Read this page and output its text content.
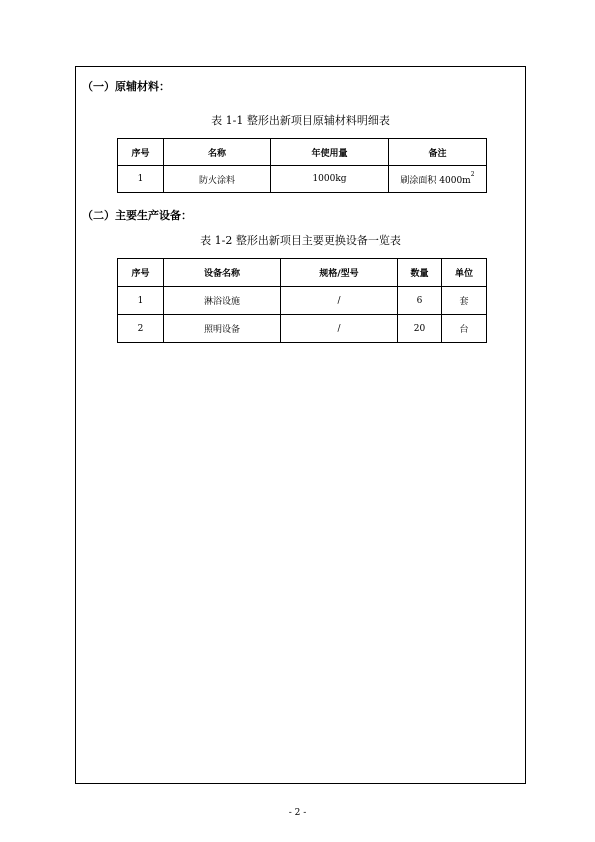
（一）原辅材料：
表 1-1 整形出新项目原辅材料明细表
序号	名称	年使用量	备注
1	防火涂料	1000kg	刷涂面积 $4000m^2$
（二）主要生产设备：
表 1-2 整形出新项目主要更换设备一览表
序号	设备名称	规格/型号	数量	单位
1	淋浴设施	/	6	套
2	照明设备	/	20	台
- 2 -
